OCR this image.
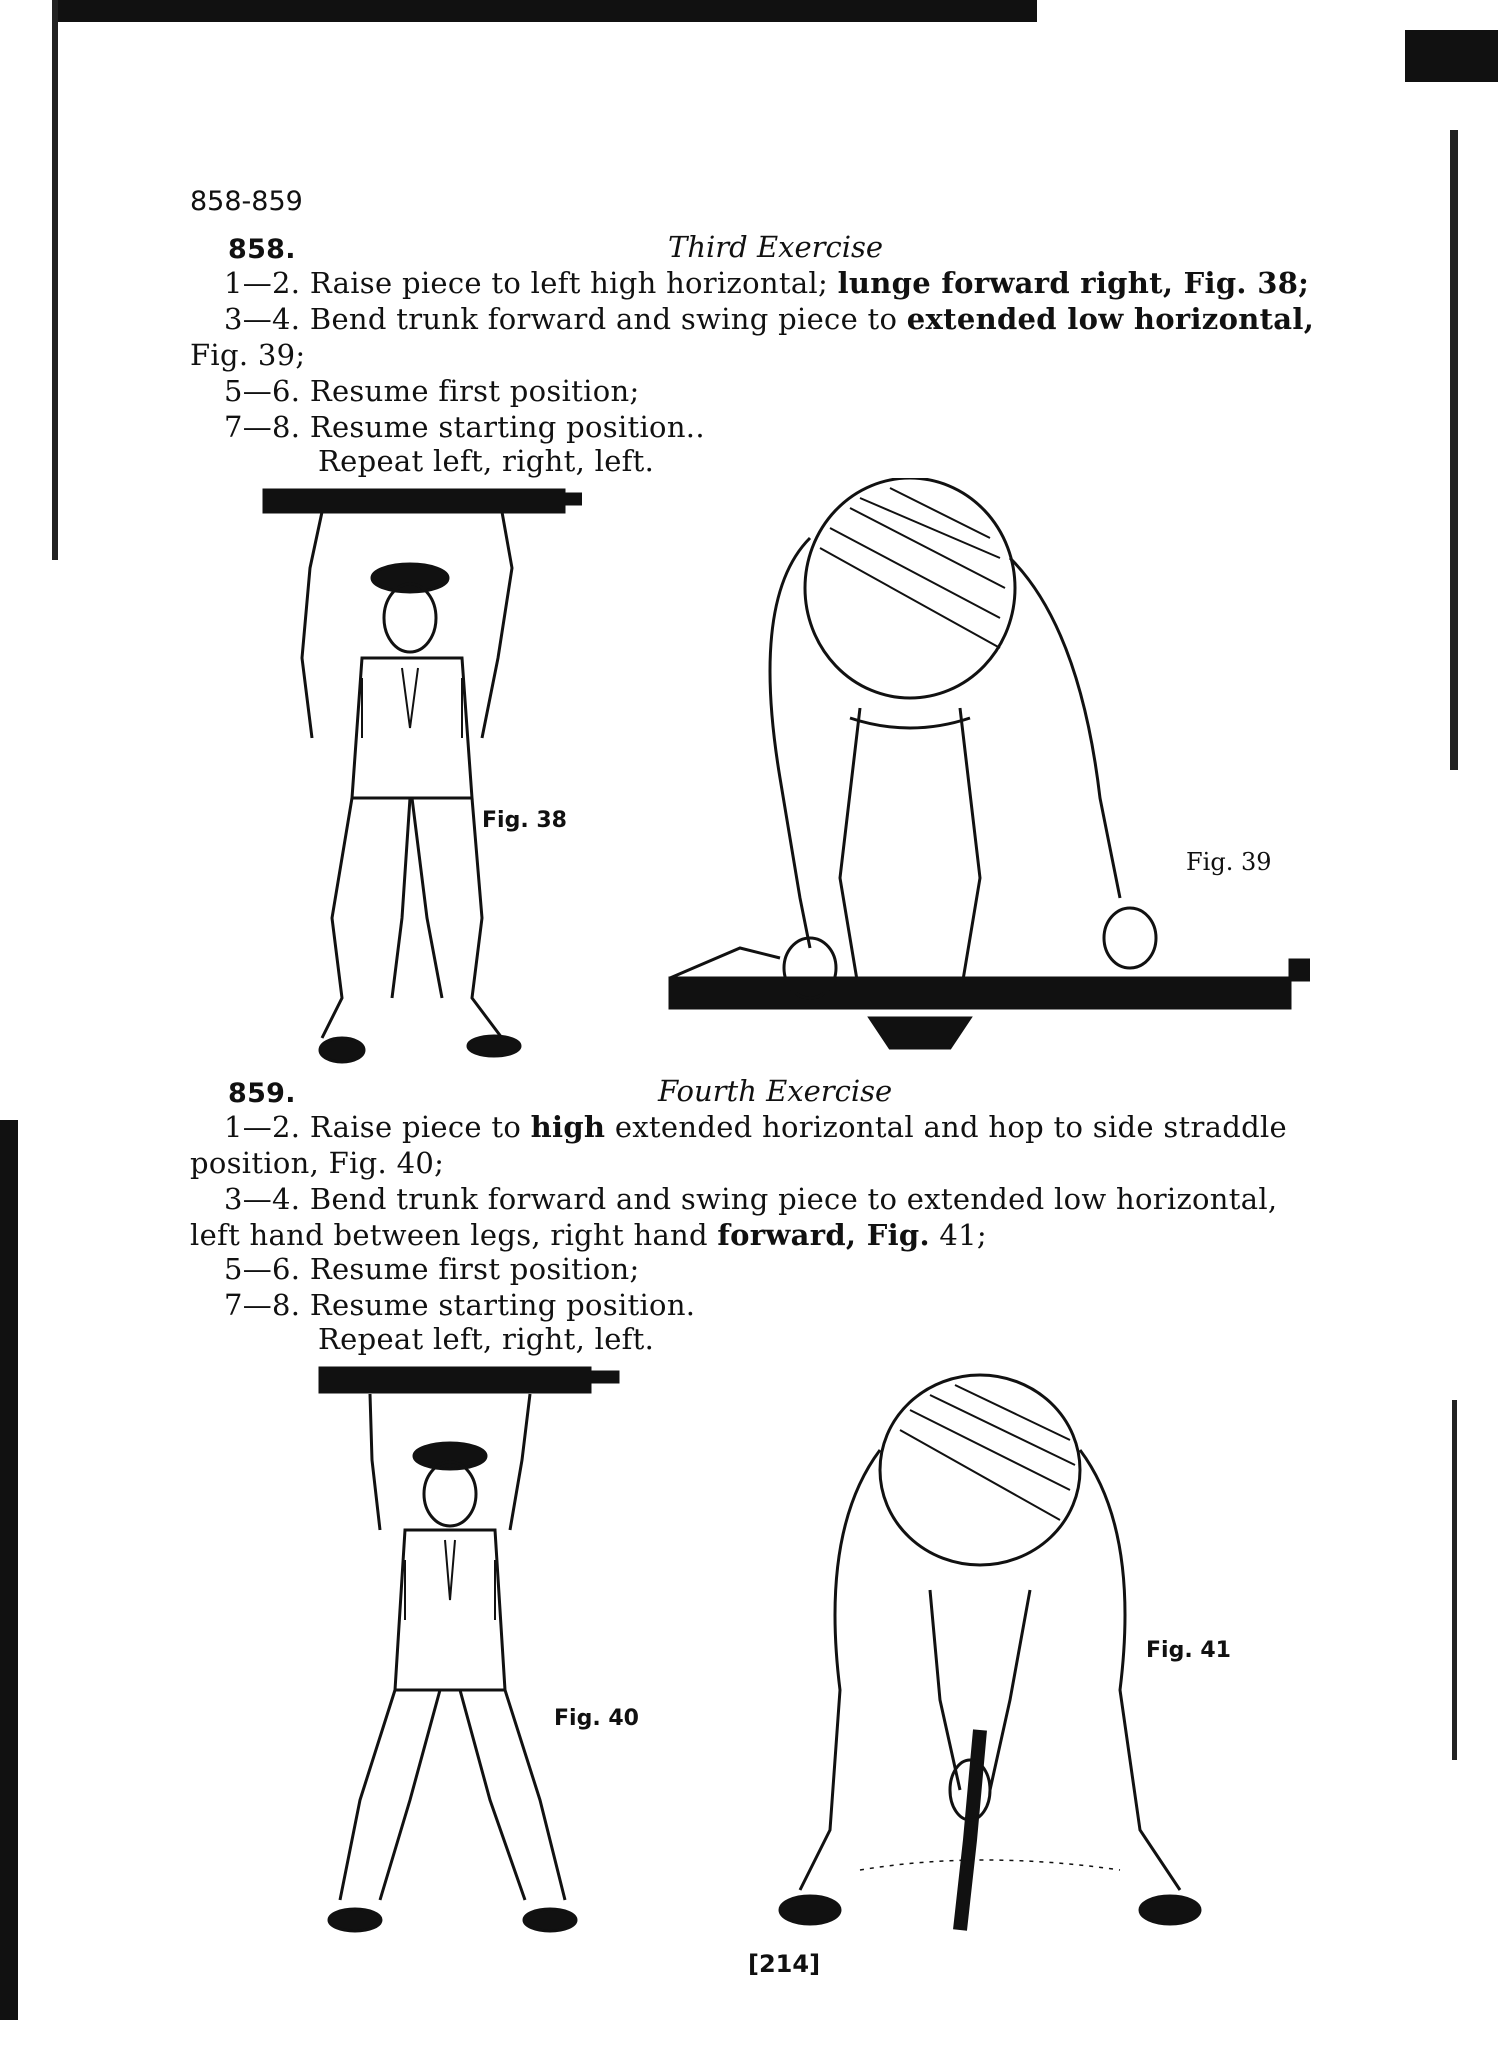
858-859
858.	Third Exercise
1—2. Raise piece to left high horizontal; lunge forward right, Fig. 38;
3—4. Bend trunk forward and swing piece to extended low horizontal,
Fig. 39;
5—6. Resume first position;
7—8. Resume starting position..
Repeat left, right, left.
Fig. 38
Fig. 39
859.	Fourth Exercise
1—2. Raise piece to high extended horizontal and hop to side straddle
position, Fig. 40;
3—4. Bend trunk forward and swing piece to extended low horizontal,
left hand between legs, right hand forward, Fig. 41;
5—6. Resume first position;
7—8. Resume starting position.
Repeat left, right, left.
Fig. 40
Fig. 41
[214]
